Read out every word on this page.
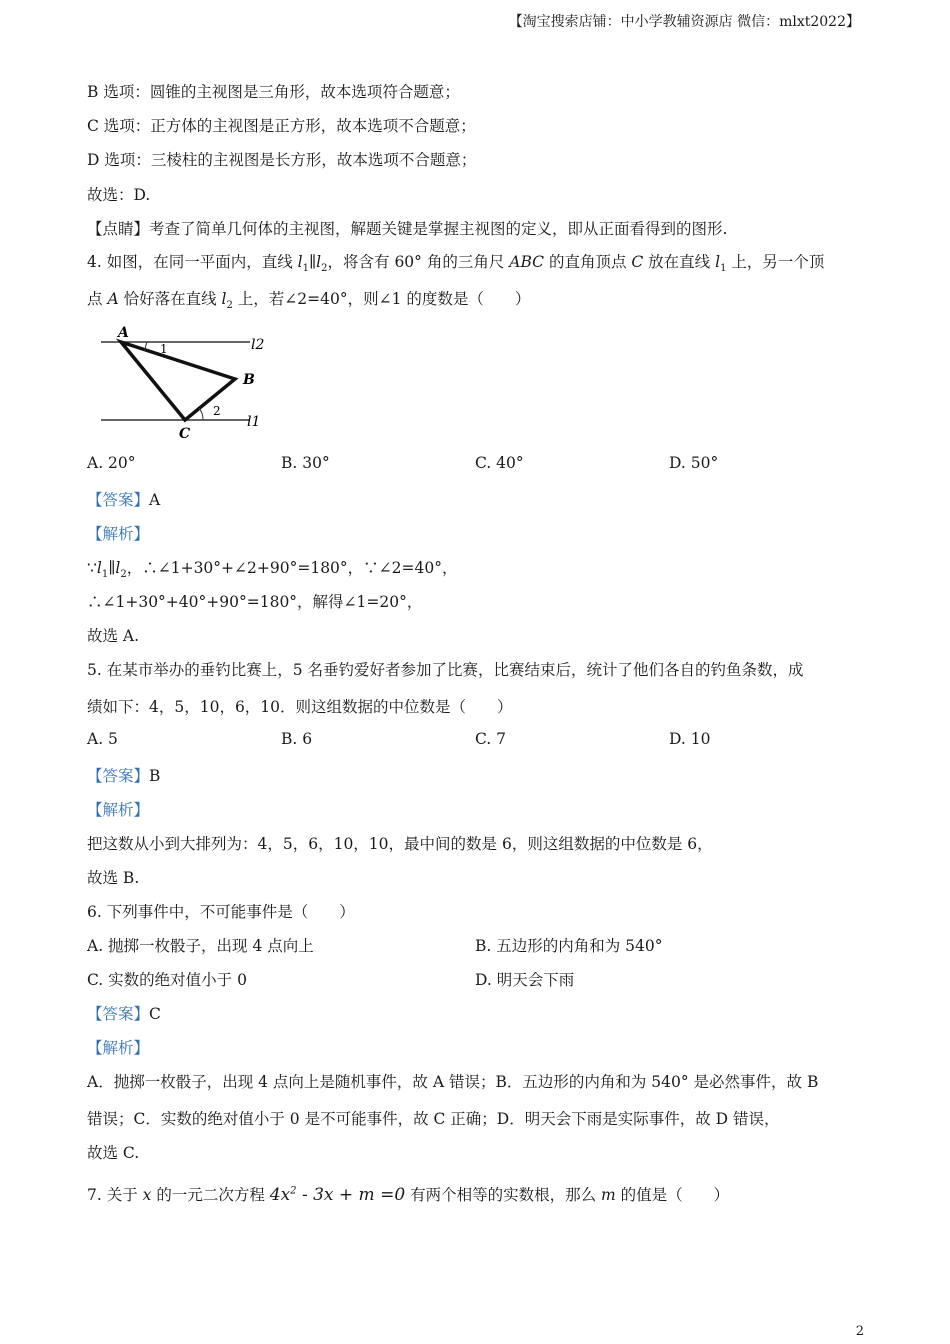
【淘宝搜索店铺：中小学教辅资源店 微信：mlxt2022】
B 选项：圆锥的主视图是三角形，故本选项符合题意；
C 选项：正方体的主视图是正方形，故本选项不合题意；
D 选项：三棱柱的主视图是长方形，故本选项不合题意；
故选：D.
【点睛】考查了简单几何体的主视图，解题关键是掌握主视图的定义，即从正面看得到的图形.
4. 如图，在同一平面内，直线 $l_1\parallel l_2$，将含有 60° 角的三角尺 ABC 的直角顶点 C 放在直线 $l_1$ 上，另一个顶
点 A 恰好落在直线 $l_2$ 上，若∠2=40°，则∠1 的度数是（　　）
A
B
C
1
2
l2
l1
A. 20°	B. 30°	C. 40°	D. 50°
【答案】A
【解析】
$\because l_1\parallel l_2$，∴∠1+30°+∠2+90°=180°，∵∠2=40°，
∴∠1+30°+40°+90°=180°，解得∠1=20°，
故选 A.
5. 在某市举办的垂钓比赛上，5 名垂钓爱好者参加了比赛，比赛结束后，统计了他们各自的钓鱼条数，成
绩如下：4，5，10，6，10．则这组数据的中位数是（　　）
A. 5	B. 6	C. 7	D. 10
【答案】B
【解析】
把这数从小到大排列为：4，5，6，10，10，最中间的数是 6，则这组数据的中位数是 6，
故选 B.
6. 下列事件中，不可能事件是（　　）
A. 抛掷一枚骰子，出现 4 点向上	B. 五边形的内角和为 540°
C. 实数的绝对值小于 0	D. 明天会下雨
【答案】C
【解析】
A．抛掷一枚骰子，出现 4 点向上是随机事件，故 A 错误；B．五边形的内角和为 540° 是必然事件，故 B
错误；C．实数的绝对值小于 0 是不可能事件，故 C 正确；D．明天会下雨是实际事件，故 D 错误，
故选 C.
7. 关于 x 的一元二次方程 $4x^2 - 3x + m =0$ 有两个相等的实数根，那么 m 的值是（　　）
2
